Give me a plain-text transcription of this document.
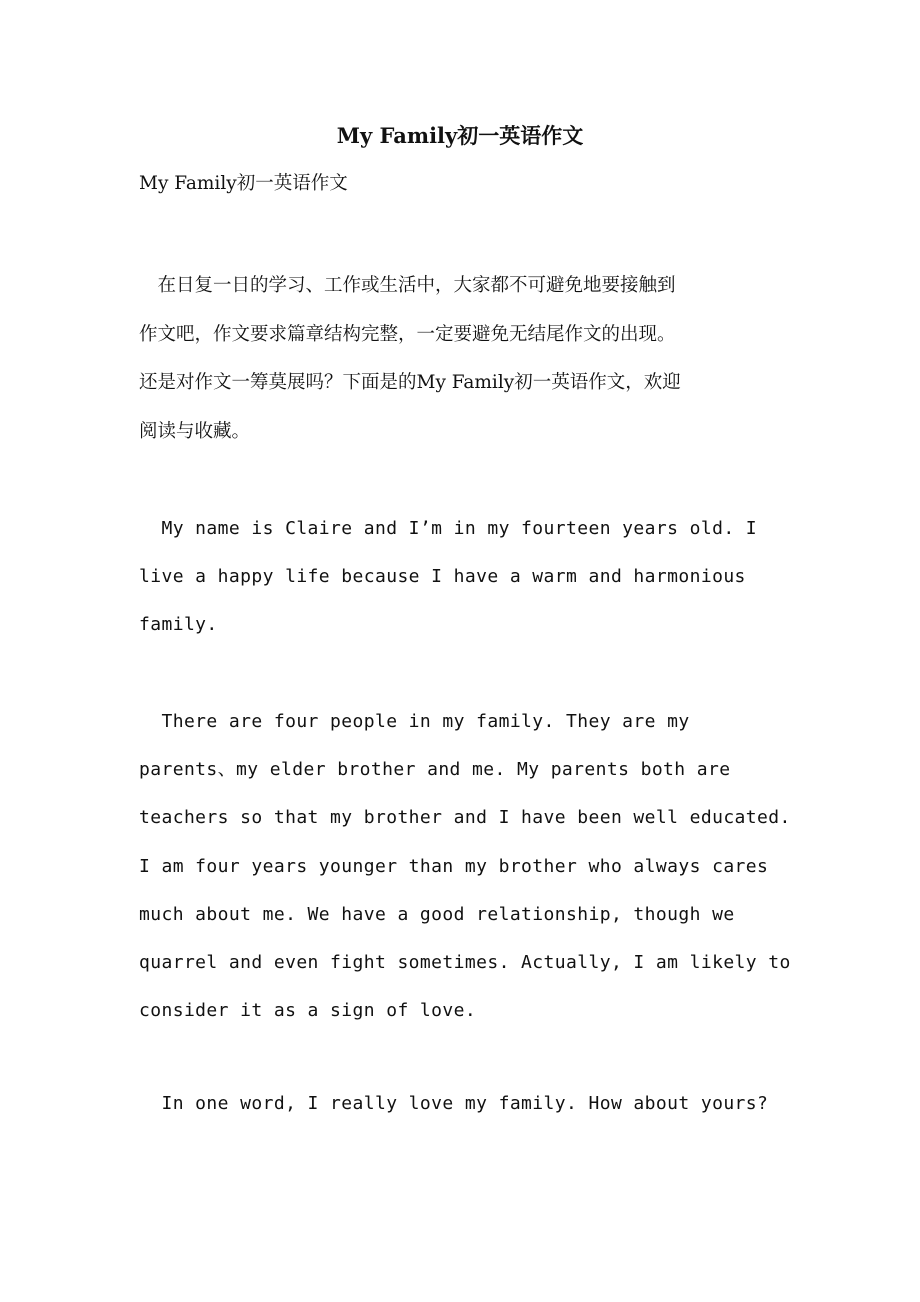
My Family初一英语作文
My Family初一英语作文

　在日复一日的学习、工作或生活中，大家都不可避免地要接触到
作文吧，作文要求篇章结构完整，一定要避免无结尾作文的出现。
还是对作文一筹莫展吗？下面是的My Family初一英语作文，欢迎
阅读与收藏。

My name is Claire and I’m in my fourteen years old. I
live a happy life because I have a warm and harmonious
family.

There are four people in my family. They are my
parents、my elder brother and me. My parents both are
teachers so that my brother and I have been well educated.
I am four years younger than my brother who always cares
much about me. We have a good relationship, though we
quarrel and even fight sometimes. Actually, I am likely to
consider it as a sign of love.

In one word, I really love my family. How about yours?
